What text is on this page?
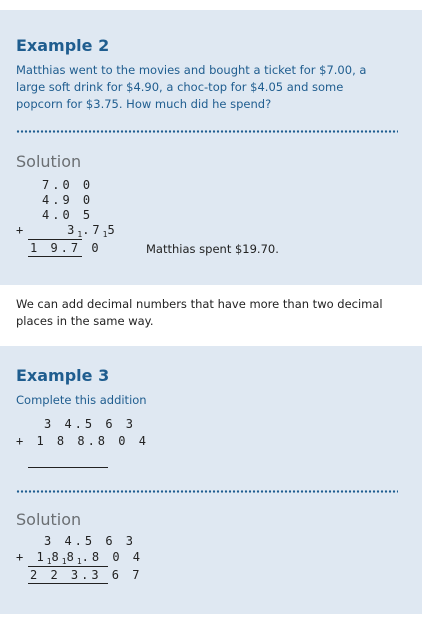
Example 2
Matthias went to the movies and bought a ticket for $7.00, a large soft drink for $4.90, a choc-top for $4.05 and some popcorn for $3.75. How much did he spend?
Solution
7.0 0
4.9 0
4.0 5
+	$3_1.7_15$
1 9.7 0	Matthias spent $19.70.
We can add decimal numbers that have more than two decimal places in the same way.
Example 3
Complete this addition
3 4.5 6 3
+ 1 8 8.8 0 4
Solution
3 4.5 6 3
+ $1_18_18_1.8$ 0 4
2 2 3.3 6 7
